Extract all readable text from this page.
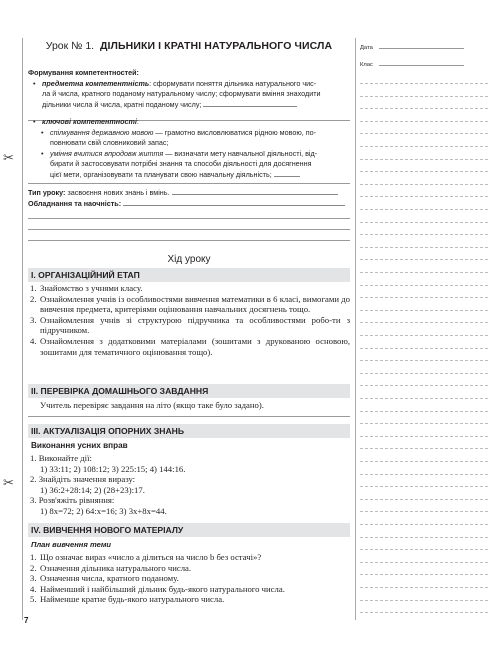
✂
✂
Дата
Клас
Урок № 1. ДІЛЬНИКИ І КРАТНІ НАТУРАЛЬНОГО ЧИСЛА
Формування компетентностей:
• предметна компетентність: сформувати поняття дільника натурального чис-
ла й числа, кратного поданому натуральному числу; сформувати вміння знаходити
дільники числа й числа, кратні поданому числу;
• ключові компетентності:
• спілкування державною мовою — грамотно висловлюватися рідною мовою, по-
повнювати свій словниковий запас;
• уміння вчитися впродовж життя — визначати мету навчальної діяльності, від-
бирати й застосовувати потрібні знання та способи діяльності для досягнення
цієї мети, організовувати та планувати свою навчальну діяльність;
Тип уроку: засвоєння нових знань і вмінь.
Обладнання та наочність:
Хід уроку
І. ОРГАНІЗАЦІЙНИЙ ЕТАП
1. Знайомство з учнями класу.
2. Ознайомлення учнів із особливостями вивчення математики в 6 класі, вимогами до вивчення предмета, критеріями оцінювання навчальних досягнень тощо.
3. Ознайомлення учнів зі структурою підручника та особливостями робо-ти з підручником.
4. Ознайомлення з додатковими матеріалами (зошитами з друкованою основою, зошитами для тематичного оцінювання тощо).
ІІ. ПЕРЕВІРКА ДОМАШНЬОГО ЗАВДАННЯ
Учитель перевіряє завдання на літо (якщо таке було задано).
ІІІ. АКТУАЛІЗАЦІЯ ОПОРНИХ ЗНАНЬ
Виконання усних вправ
1. Виконайте дії:
1) 33:11; 2) 108:12; 3) 225:15; 4) 144:16.
2. Знайдіть значення виразу:
1) 36:2+28:14; 2) (28+23):17.
3. Розв'яжіть рівняння:
1) 8x=72; 2) 64:x=16; 3) 3x+8x=44.
IV. ВИВЧЕННЯ НОВОГО МАТЕРІАЛУ
План вивчення теми
1. Що означає вираз «число a ділиться на число b без остачі»?
2. Означення дільника натурального числа.
3. Означення числа, кратного поданому.
4. Найменший і найбільший дільник будь-якого натурального числа.
5. Найменше кратне будь-якого натурального числа.
7
